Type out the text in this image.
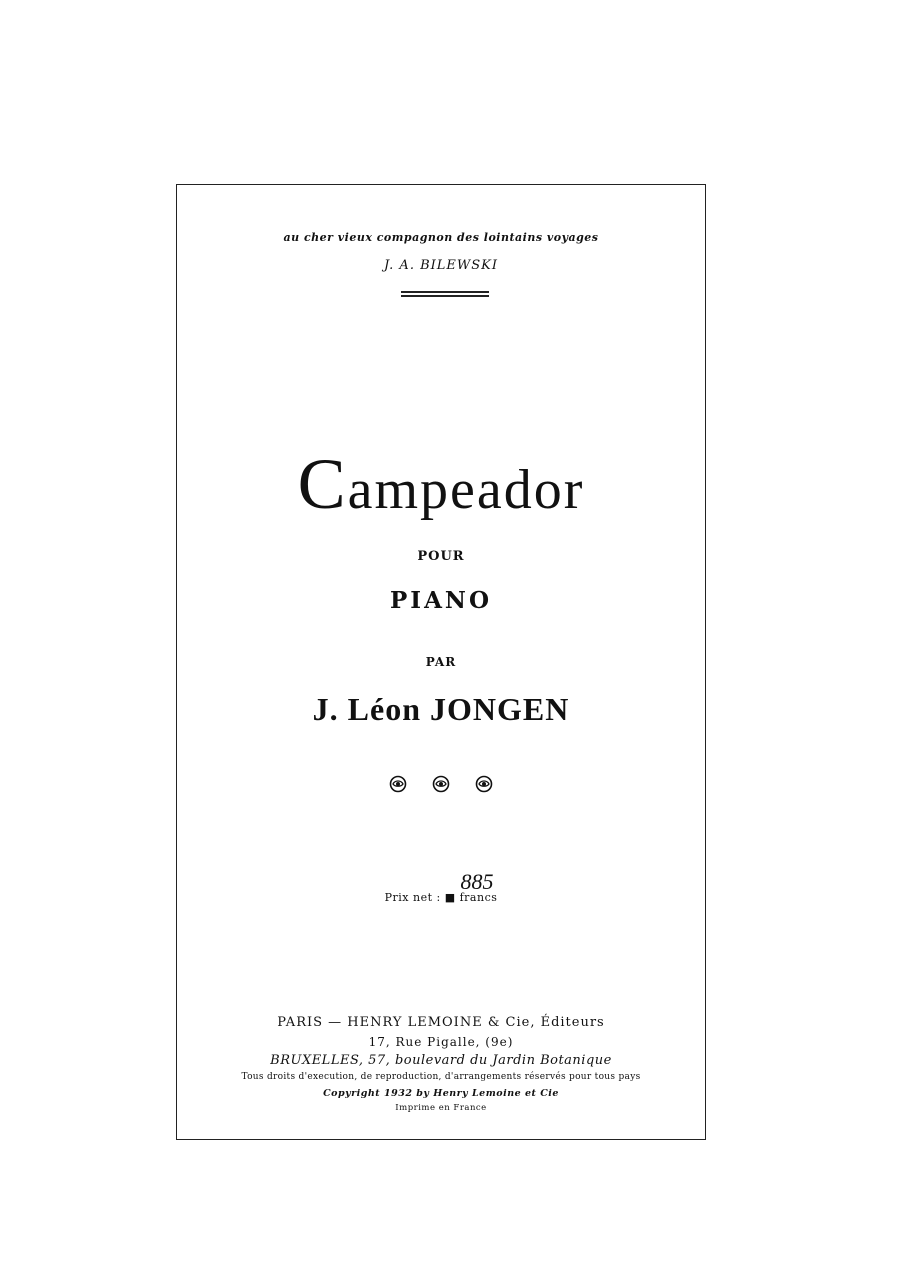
au cher vieux compagnon des lointains voyages
J. A. BILEWSKI
Campeador
POUR
PIANO
PAR
J. Léon JONGEN

885
Prix net : ■ francs
PARIS — HENRY LEMOINE & Cie, Éditeurs
17, Rue Pigalle, (9e)
BRUXELLES, 57, boulevard du Jardin Botanique
Tous droits d'execution, de reproduction, d'arrangements réservés pour tous pays
Copyright 1932 by Henry Lemoine et Cie
Imprime en France
